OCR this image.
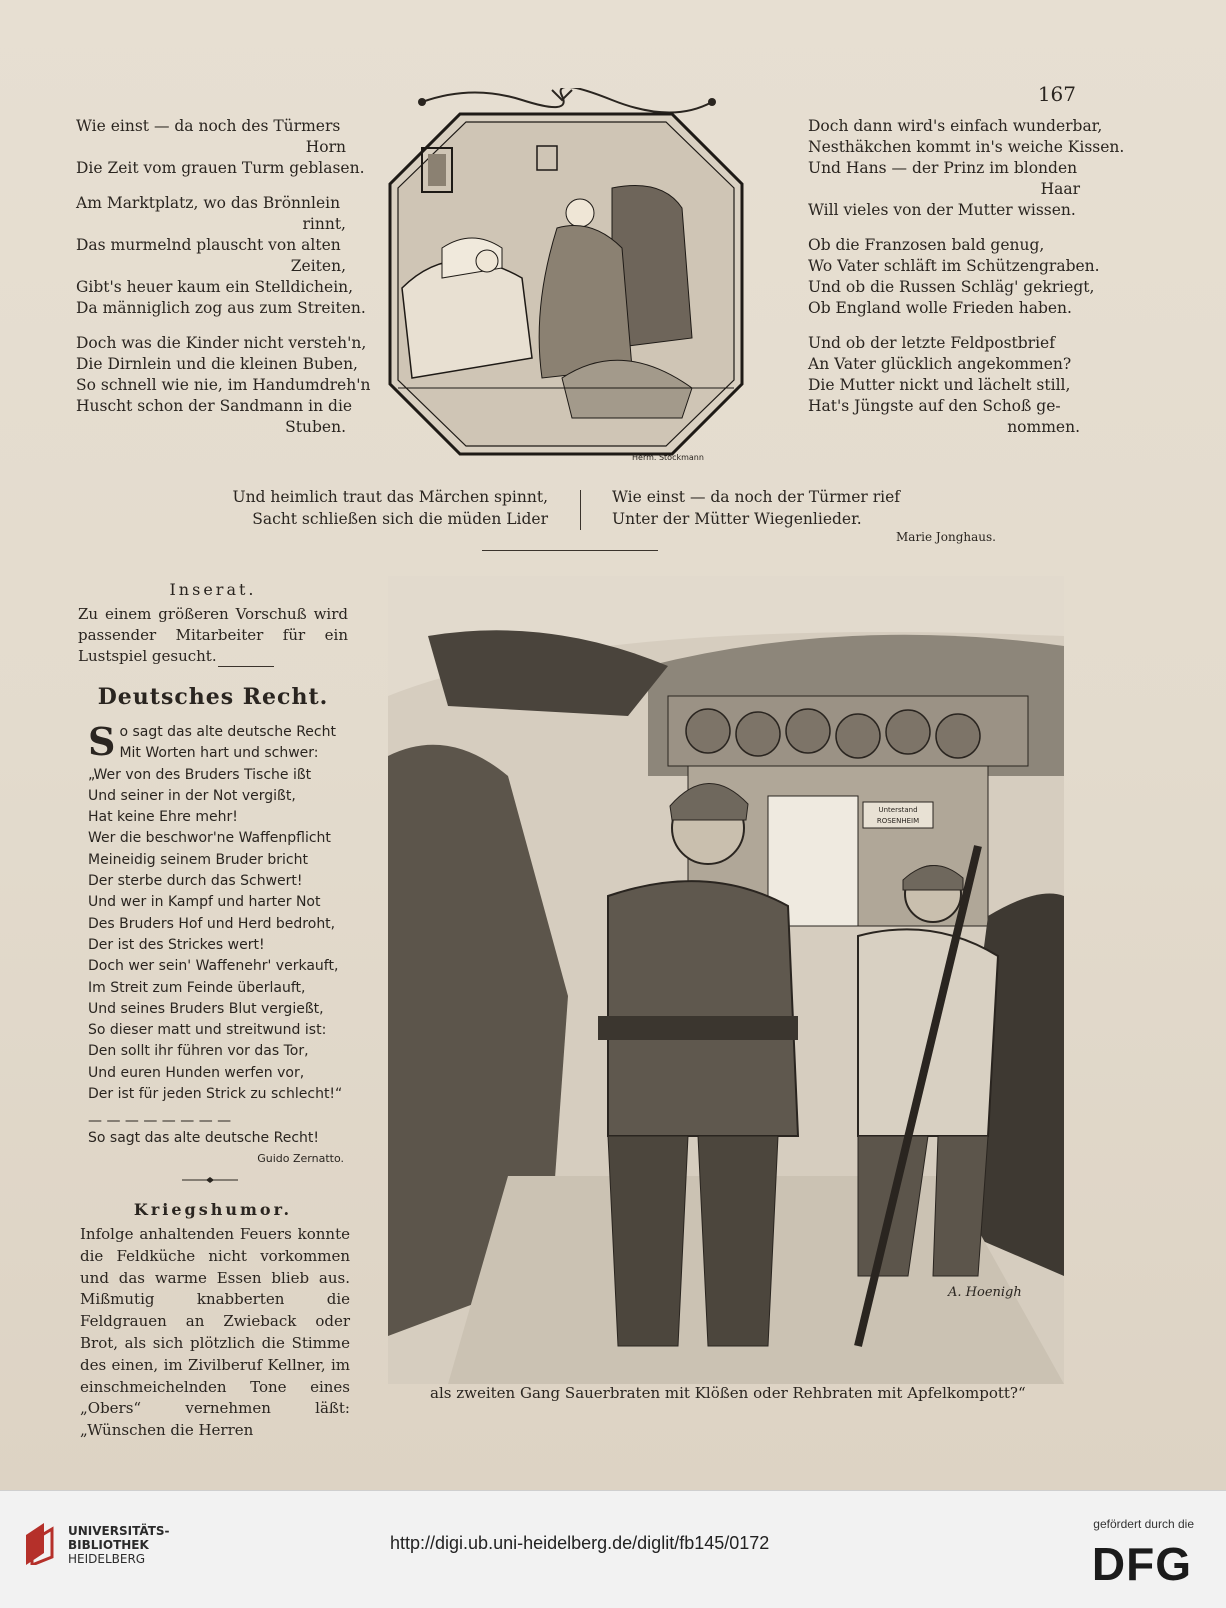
167
Wie einst — da noch des Türmers
Horn
Die Zeit vom grauen Turm geblasen.
Am Marktplatz, wo das Brönnlein
rinnt,
Das murmelnd plauscht von alten
Zeiten,
Gibt's heuer kaum ein Stelldichein,
Da männiglich zog aus zum Streiten.
Doch was die Kinder nicht versteh'n,
Die Dirnlein und die kleinen Buben,
So schnell wie nie, im Handumdreh'n
Huscht schon der Sandmann in die
Stuben.
Doch dann wird's einfach wunderbar,
Nesthäkchen kommt in's weiche Kissen.
Und Hans — der Prinz im blonden
Haar
Will vieles von der Mutter wissen.
Ob die Franzosen bald genug,
Wo Vater schläft im Schützengraben.
Und ob die Russen Schläg' gekriegt,
Ob England wolle Frieden haben.
Und ob der letzte Feldpostbrief
An Vater glücklich angekommen?
Die Mutter nickt und lächelt still,
Hat's Jüngste auf den Schoß ge-
nommen.
Herm. Stockmann
Und heimlich traut das Märchen spinnt,
Sacht schließen sich die müden Lider
Wie einst — da noch der Türmer rief
Unter der Mütter Wiegenlieder.
Marie Jonghaus.
Inserat.
Zu einem größeren Vorschuß wird passender Mitarbeiter für ein Lustspiel gesucht.
Deutsches Recht.
S o sagt das alte deutsche Recht
Mit Worten hart und schwer:
„Wer von des Bruders Tische ißt
Und seiner in der Not vergißt,
Hat keine Ehre mehr!
Wer die beschwor'ne Waffenpflicht
Meineidig seinem Bruder bricht
Der sterbe durch das Schwert!
Und wer in Kampf und harter Not
Des Bruders Hof und Herd bedroht,
Der ist des Strickes wert!
Doch wer sein' Waffenehr' verkauft,
Im Streit zum Feinde überlauft,
Und seines Bruders Blut vergießt,
So dieser matt und streitwund ist:
Den sollt ihr führen vor das Tor,
Und euren Hunden werfen vor,
Der ist für jeden Strick zu schlecht!“
— — — — — — — —
So sagt das alte deutsche Recht!
Guido Zernatto.
Kriegshumor.
Infolge anhaltenden Feuers konnte die Feldküche nicht vorkommen und das warme Essen blieb aus. Mißmutig knabberten die Feldgrauen an Zwieback oder Brot, als sich plötzlich die Stimme des einen, im Zivilberuf Kellner, im einschmeichelnden Tone eines „Obers“ vernehmen läßt: „Wünschen die Herren
Unterstand
ROSENHEIM
A. Hoenigh
als zweiten Gang Sauerbraten mit Klößen oder Rehbraten mit Apfelkompott?“
UNIVERSITÄTS-
BIBLIOTHEK
HEIDELBERG
http://digi.ub.uni-heidelberg.de/diglit/fb145/0172
gefördert durch die
DFG
